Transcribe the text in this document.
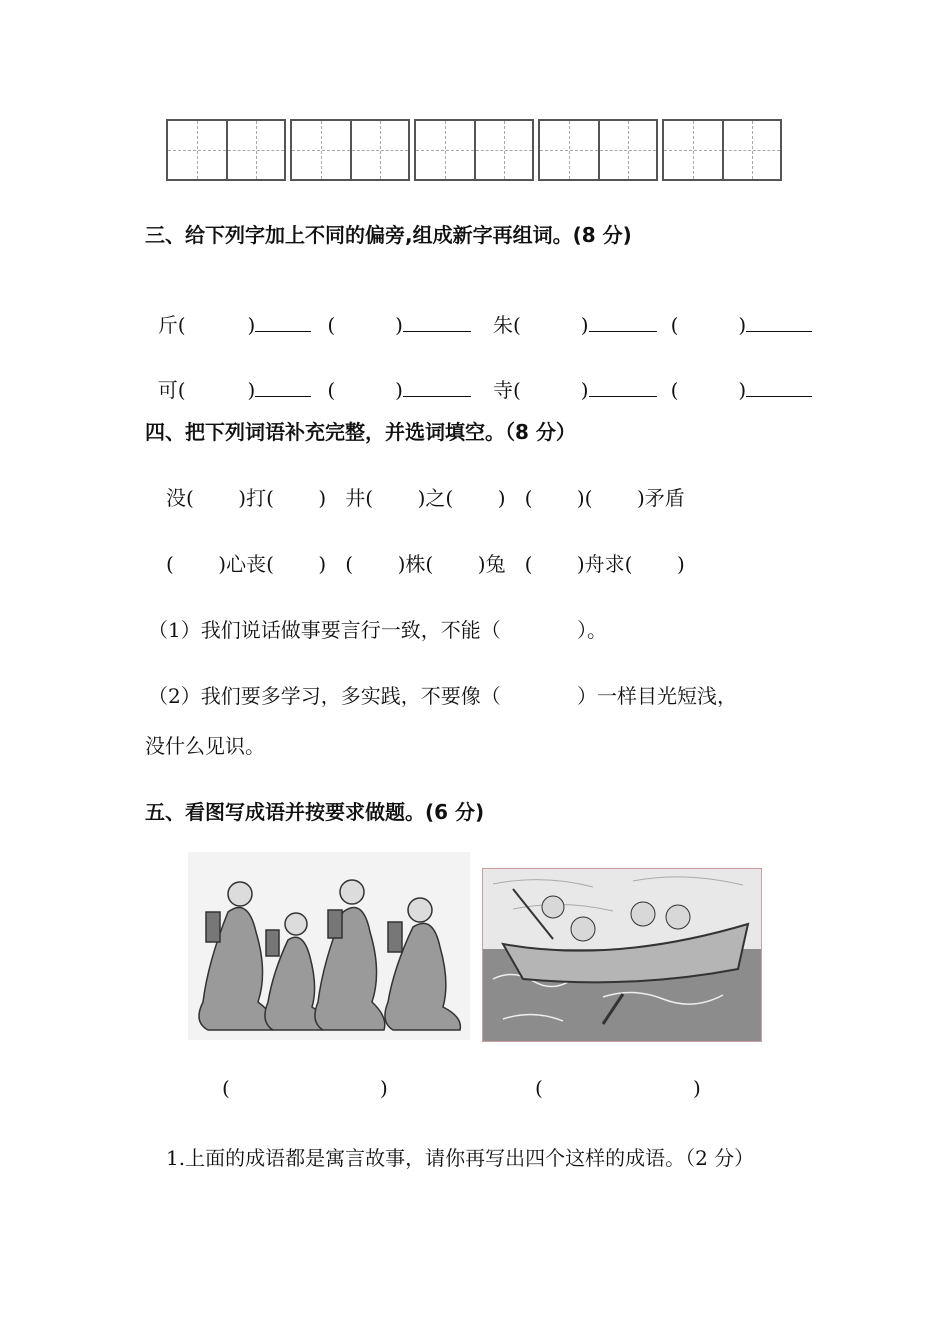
三、给下列字加上不同的偏旁,组成新字再组词。(8 分)

斤(	)	(	)	朱(	)	(	)

可(	)	(	)	寺(	)	(	)

四、把下列词语补充完整，并选词填空。（8 分）
没(       )打(       )   井(       )之(       )   (       )(       )矛盾
(       )心丧(       )   (       )株(       )兔   (       )舟求(       )
（1）我们说话做事要言行一致，不能（            ）。
（2）我们要多学习，多实践，不要像（            ）一样目光短浅，
没什么见识。
五、看图写成语并按要求做题。(6 分)
(	)	(	)
1.上面的成语都是寓言故事，请你再写出四个这样的成语。（2 分）
